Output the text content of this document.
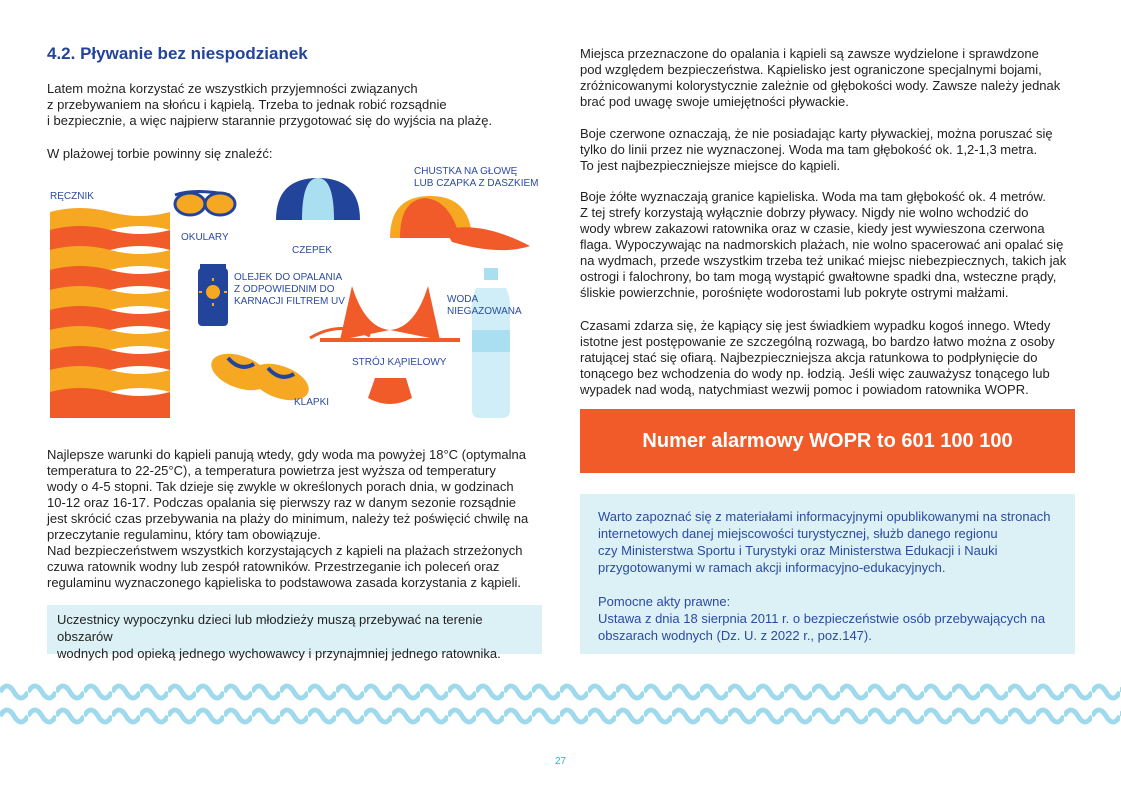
4.2. Pływanie bez niespodzianek

Latem można korzystać ze wszystkich przyjemności związanych
z przebywaniem na słońcu i kąpielą. Trzeba to jednak robić rozsądnie
i bezpiecznie, a więc najpierw starannie przygotować się do wyjścia na plażę.

W plażowej torbie powinny się znaleźć:

RĘCZNIK

OKULARY

CZEPEK

CHUSTKA NA GŁOWĘ
LUB CZAPKA Z DASZKIEM

OLEJEK DO OPALANIA
Z ODPOWIEDNIM DO
KARNACJI FILTREM UV	WODA
NIEGAZOWANA

STRÓJ KĄPIELOWY

KLAPKI

Najlepsze warunki do kąpieli panują wtedy, gdy woda ma powyżej 18°C (optymalna
temperatura to 22-25°C), a temperatura powietrza jest wyższa od temperatury
wody o 4-5 stopni. Tak dzieje się zwykle w określonych porach dnia, w godzinach
10-12 oraz 16-17. Podczas opalania się pierwszy raz w danym sezonie rozsądnie
jest skrócić czas przebywania na plaży do minimum, należy też poświęcić chwilę na
przeczytanie regulaminu, który tam obowiązuje.
Nad bezpieczeństwem wszystkich korzystających z kąpieli na plażach strzeżonych
czuwa ratownik wodny lub zespół ratowników. Przestrzeganie ich poleceń oraz
regulaminu wyznaczonego kąpieliska to podstawowa zasada korzystania z kąpieli.

Uczestnicy wypoczynku dzieci lub młodzieży muszą przebywać na terenie obszarów
wodnych pod opieką jednego wychowawcy i przynajmniej jednego ratownika.

Miejsca przeznaczone do opalania i kąpieli są zawsze wydzielone i sprawdzone
pod względem bezpieczeństwa. Kąpielisko jest ograniczone specjalnymi bojami,
zróżnicowanymi kolorystycznie zależnie od głębokości wody. Zawsze należy jednak
brać pod uwagę swoje umiejętności pływackie.

Boje czerwone oznaczają, że nie posiadając karty pływackiej, można poruszać się
tylko do linii przez nie wyznaczonej. Woda ma tam głębokość ok. 1,2-1,3 metra.
To jest najbezpieczniejsze miejsce do kąpieli.

Boje żółte wyznaczają granice kąpieliska. Woda ma tam głębokość ok. 4 metrów.
Z tej strefy korzystają wyłącznie dobrzy pływacy. Nigdy nie wolno wchodzić do
wody wbrew zakazowi ratownika oraz w czasie, kiedy jest wywieszona czerwona
flaga. Wypoczywając na nadmorskich plażach, nie wolno spacerować ani opalać się
na wydmach, przede wszystkim trzeba też unikać miejsc niebezpiecznych, takich jak
ostrogi i falochrony, bo tam mogą wystąpić gwałtowne spadki dna, wsteczne prądy,
śliskie powierzchnie, porośnięte wodorostami lub pokryte ostrymi małżami.

Czasami zdarza się, że kąpiący się jest świadkiem wypadku kogoś innego. Wtedy
istotne jest postępowanie ze szczególną rozwagą, bo bardzo łatwo można z osoby
ratującej stać się ofiarą. Najbezpieczniejsza akcja ratunkowa to podpłynięcie do
tonącego bez wchodzenia do wody np. łodzią. Jeśli więc zauważysz tonącego lub
wypadek nad wodą, natychmiast wezwij pomoc i powiadom ratownika WOPR.

Numer alarmowy WOPR to 601 100 100

Warto zapoznać się z materiałami informacyjnymi opublikowanymi na stronach
internetowych danej miejscowości turystycznej, służb danego regionu
czy Ministerstwa Sportu i Turystyki oraz Ministerstwa Edukacji i Nauki
przygotowanymi w ramach akcji informacyjno-edukacyjnych.

Pomocne akty prawne:

Ustawa z dnia 18 sierpnia 2011 r. o bezpieczeństwie osób przebywających na
obszarach wodnych (Dz. U. z 2022 r., poz.147).

27
